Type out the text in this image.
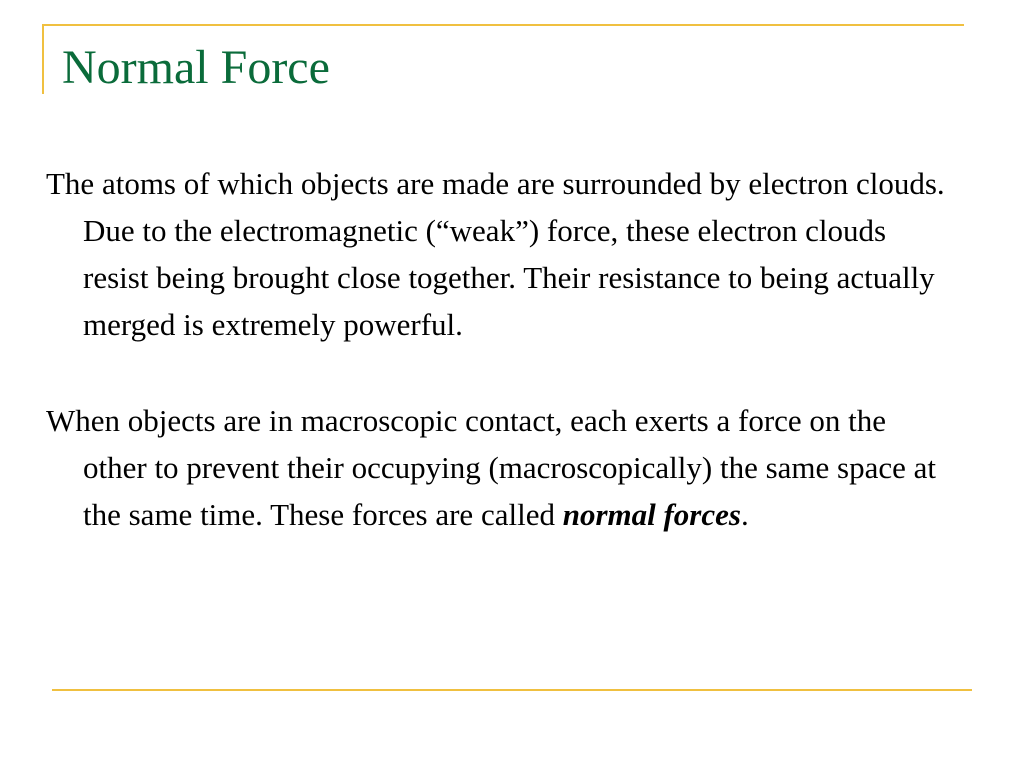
Normal Force

The atoms of which objects are made are surrounded by electron clouds. Due to the electromagnetic (“weak”) force, these electron clouds resist being brought close together. Their resistance to being actually merged is extremely powerful.

When objects are in macroscopic contact, each exerts a force on the other to prevent their occupying (macroscopically) the same space at the same time. These forces are called normal forces.
